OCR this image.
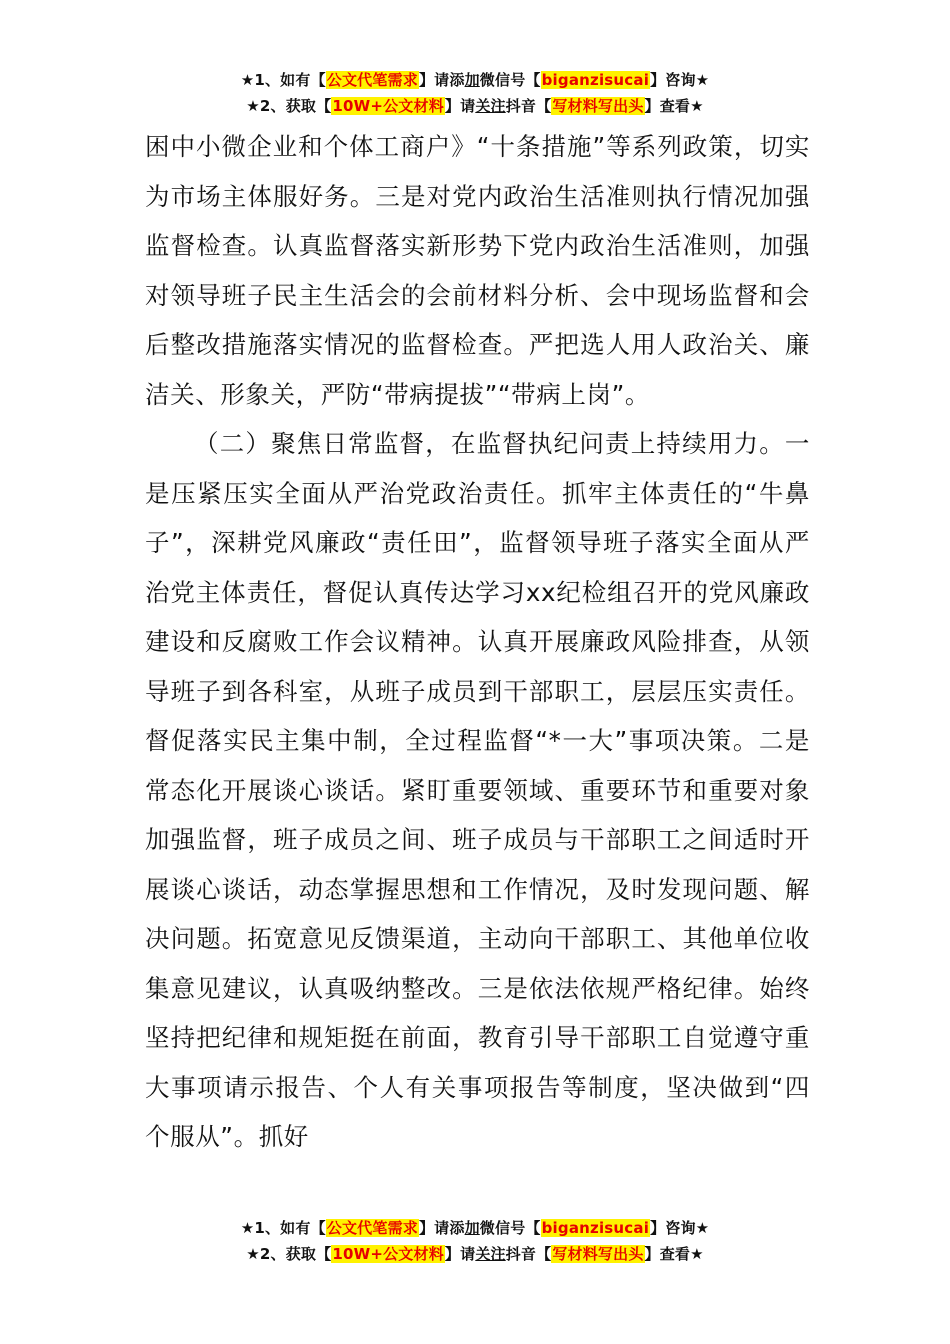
★1、如有【公文代笔需求】请添加微信号【biganzisucai】咨询★
★2、获取【10W+公文材料】请关注抖音【写材料写出头】查看★

困中小微企业和个体工商户》“十条措施”等系列政策，切实为市场主体服好务。三是对党内政治生活准则执行情况加强监督检查。认真监督落实新形势下党内政治生活准则，加强对领导班子民主生活会的会前材料分析、会中现场监督和会后整改措施落实情况的监督检查。严把选人用人政治关、廉洁关、形象关，严防“带病提拔”“带病上岗”。

（二）聚焦日常监督，在监督执纪问责上持续用力。一是压紧压实全面从严治党政治责任。抓牢主体责任的“牛鼻子”，深耕党风廉政“责任田”，监督领导班子落实全面从严治党主体责任，督促认真传达学习xx纪检组召开的党风廉政建设和反腐败工作会议精神。认真开展廉政风险排查，从领导班子到各科室，从班子成员到干部职工，层层压实责任。督促落实民主集中制，全过程监督“*一大”事项决策。二是常态化开展谈心谈话。紧盯重要领域、重要环节和重要对象加强监督，班子成员之间、班子成员与干部职工之间适时开展谈心谈话，动态掌握思想和工作情况，及时发现问题、解决问题。拓宽意见反馈渠道，主动向干部职工、其他单位收集意见建议，认真吸纳整改。三是依法依规严格纪律。始终坚持把纪律和规矩挺在前面，教育引导干部职工自觉遵守重大事项请示报告、个人有关事项报告等制度，坚决做到“四个服从”。抓好

★1、如有【公文代笔需求】请添加微信号【biganzisucai】咨询★
★2、获取【10W+公文材料】请关注抖音【写材料写出头】查看★
